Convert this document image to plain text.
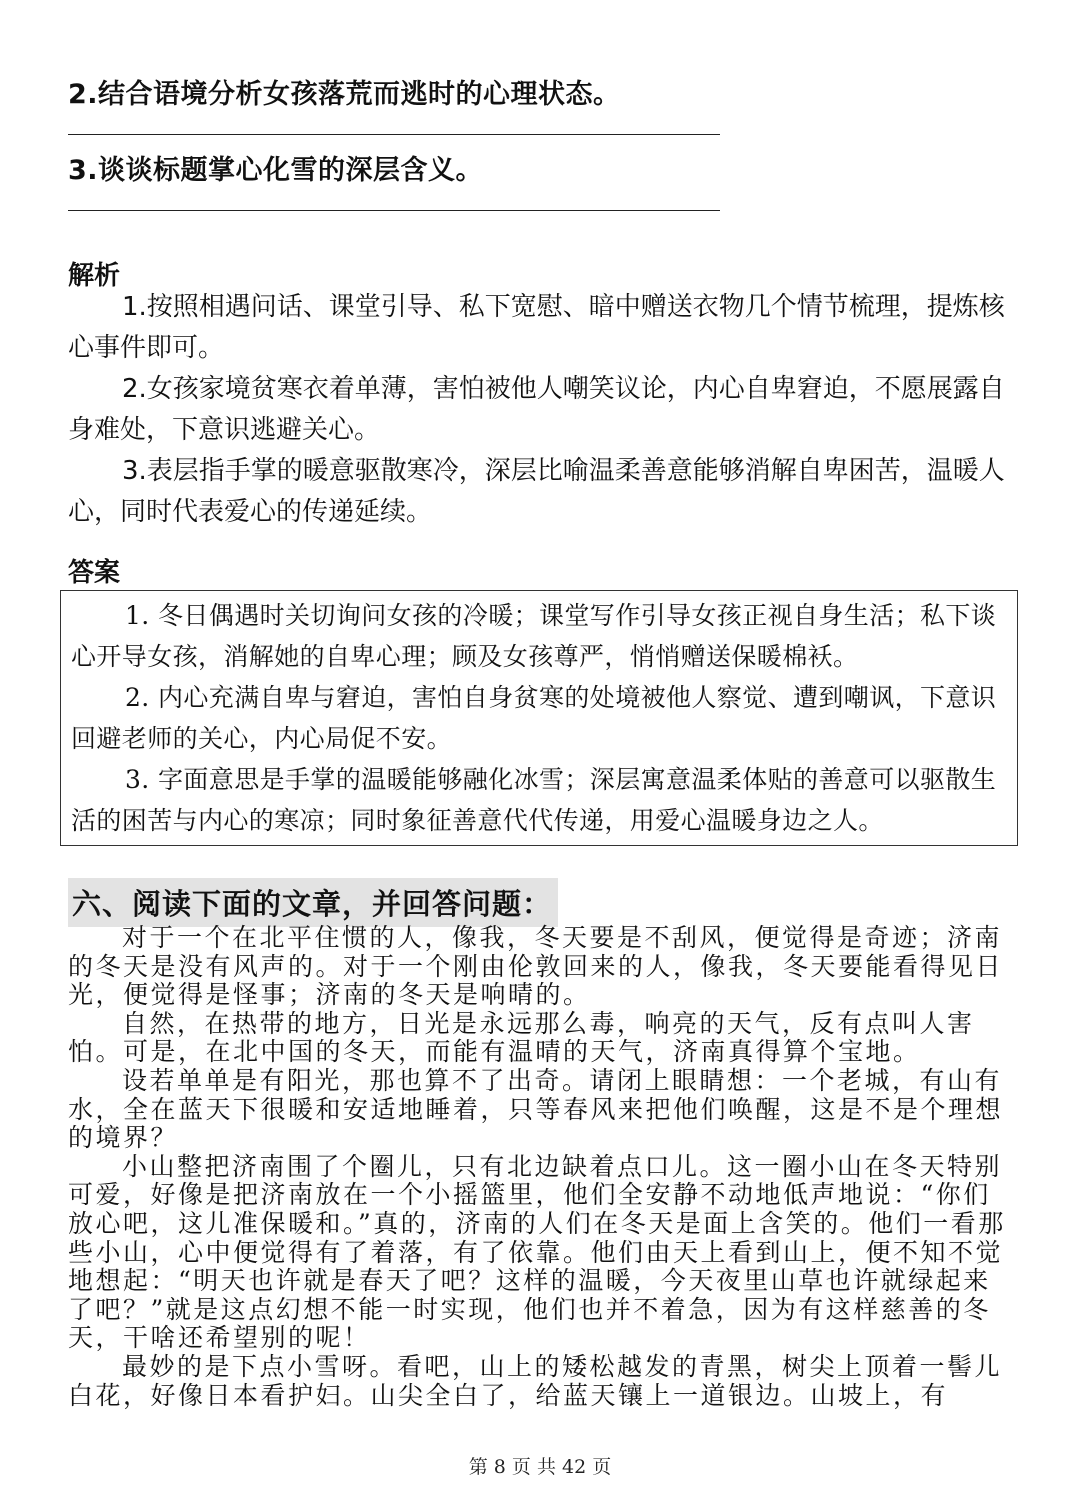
2.结合语境分析女孩落荒而逃时的心理状态。
3.谈谈标题掌心化雪的深层含义。
解析
1.按照相遇问话、课堂引导、私下宽慰、暗中赠送衣物几个情节梳理，提炼核心事件即可。
2.女孩家境贫寒衣着单薄，害怕被他人嘲笑议论，内心自卑窘迫，不愿展露自身难处，下意识逃避关心。
3.表层指手掌的暖意驱散寒冷，深层比喻温柔善意能够消解自卑困苦，温暖人心，同时代表爱心的传递延续。
答案

1. 冬日偶遇时关切询问女孩的冷暖；课堂写作引导女孩正视自身生活；私下谈心开导女孩，消解她的自卑心理；顾及女孩尊严，悄悄赠送保暖棉袄。

2. 内心充满自卑与窘迫，害怕自身贫寒的处境被他人察觉、遭到嘲讽，下意识回避老师的关心，内心局促不安。

3. 字面意思是手掌的温暖能够融化冰雪；深层寓意温柔体贴的善意可以驱散生活的困苦与内心的寒凉；同时象征善意代代传递，用爱心温暖身边之人。

六、阅读下面的文章，并回答问题：

对于一个在北平住惯的人，像我，冬天要是不刮风，便觉得是奇迹；济南的冬天是没有风声的。对于一个刚由伦敦回来的人，像我，冬天要能看得见日光，便觉得是怪事；济南的冬天是响晴的。

自然，在热带的地方，日光是永远那么毒，响亮的天气，反有点叫人害怕。可是，在北中国的冬天，而能有温晴的天气，济南真得算个宝地。

设若单单是有阳光，那也算不了出奇。请闭上眼睛想：一个老城，有山有水，全在蓝天下很暖和安适地睡着，只等春风来把他们唤醒，这是不是个理想的境界？

小山整把济南围了个圈儿，只有北边缺着点口儿。这一圈小山在冬天特别可爱，好像是把济南放在一个小摇篮里，他们全安静不动地低声地说：“你们放心吧，这儿准保暖和。”真的，济南的人们在冬天是面上含笑的。他们一看那些小山，心中便觉得有了着落，有了依靠。他们由天上看到山上，便不知不觉地想起：“明天也许就是春天了吧？这样的温暖，今天夜里山草也许就绿起来了吧？”就是这点幻想不能一时实现，他们也并不着急，因为有这样慈善的冬天，干啥还希望别的呢！

最妙的是下点小雪呀。看吧，山上的矮松越发的青黑，树尖上顶着一髻儿白花，好像日本看护妇。山尖全白了，给蓝天镶上一道银边。山坡上，有

第 8 页 共 42 页
